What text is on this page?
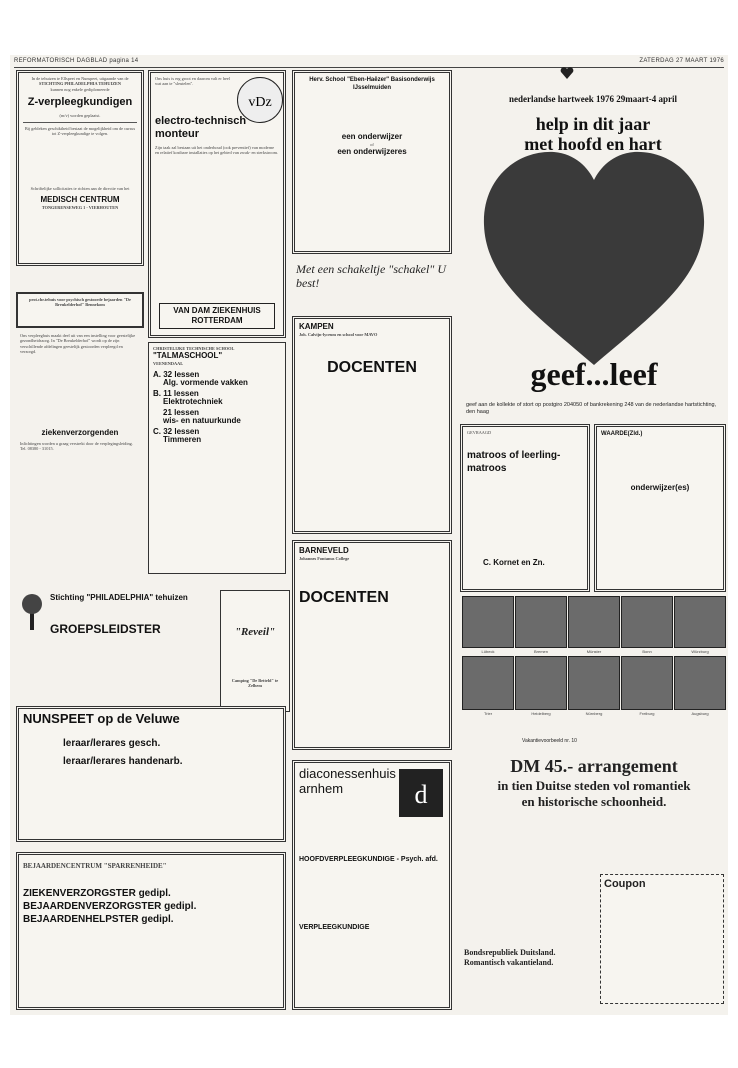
REFORMATORISCH DAGBLAD pagina 14	ZATERDAG 27 MAART 1976
In de tehuizen te Ellspeet en Nunspeet, uitgaande van de
STICHTING PHILADELPHIA TEHUIZEN
kunnen nog enkele gediplomeerde
Z-verpleegkundigen
(m/v) worden geplaatst.
Bij gebleken geschiktheid bestaat de mogelijkheid om de cursus tot Z-verpleegkundige te volgen.
Schriftelijke sollicitaties te richten aan de directie van het
MEDISCH CENTRUM
TONGERENSEWEG 1 - VIERHOUTEN
prot.chr.tehuis voor psychisch gestoorde bejaarden "De Breukelderhof" Bennekom
Ons verpleeghuis maakt deel uit van een instelling voor geestelijke gezondheidszorg. In "De Breukelderhof" wordt op de zijn verschillende afdelingen geestelijk gestoorden verpleegd en verzorgd.
ziekenverzorgenden
Inlichtingen worden u graag verstrekt door de verplegingsleiding. Tel. 08380 - 31015.
vDz
Ons huis is erg groot en daarom valt er heel wat aan te "sleutelen".
electro-technisch monteur
Zijn taak zal bestaan uit het onderhoud (ook preventief) van moderne en relatief kostbare installaties op het gebied van zwak- en sterkstroom.
VAN DAM ZIEKENHUIS ROTTERDAM
CHRISTELIJKE TECHNISCHE SCHOOL
"TALMASCHOOL"
VEENENDAAL
A. 32 lessen
Alg. vormende vakken
B. 11 lessen
Elektrotechniek
21 lessen
wis- en natuurkunde
C. 32 lessen
Timmeren
Herv. School "Eben-Haëzer" Basisonderwijs IJsselmuiden
een onderwijzer
of
een onderwijzeres
Met een schakeltje "schakel" U best!
KAMPEN
Joh. Calvijn-lyceum en school voor MAVO
DOCENTEN
BARNEVELD
Johannes Fontanus College
DOCENTEN
nederlandse hartweek 1976 29maart-4 april
help in dit jaar
met hoofd en hart
geef...leef
geef aan de kollekte of stort op postgiro 204050 of bankrekening 248 van de nederlandse hartstichting, den haag
GEVRAAGD
matroos of leerling-matroos
C. Kornet en Zn.
WAARDE(Zld.)
onderwijzer(es)
Stichting "PHILADELPHIA" tehuizen
GROEPSLEIDSTER	"Reveil"
Camping "De Betteld" te Zelhem
NUNSPEET op de Veluwe
leraar/lerares gesch.
leraar/lerares handenarb.
BEJAARDENCENTRUM "SPARRENHEIDE"
ZIEKENVERZORGSTER gedipl.
BEJAARDENVERZORGSTER gedipl.
BEJAARDENHELPSTER gedipl.
diaconessenhuis arnhem	d
HOOFDVERPLEEGKUNDIGE - Psych. afd.
VERPLEEGKUNDIGE
Lübeck	Bremen	Münster	Bonn	Würzburg
Trier	Heidelberg	Nürnberg	Freiburg	Augsburg
Vakantievoorbeeld nr. 10
DM 45.- arrangement
in tien Duitse steden vol romantiek
en historische schoonheid.
Coupon
Bondsrepubliek Duitsland. Romantisch vakantieland.
